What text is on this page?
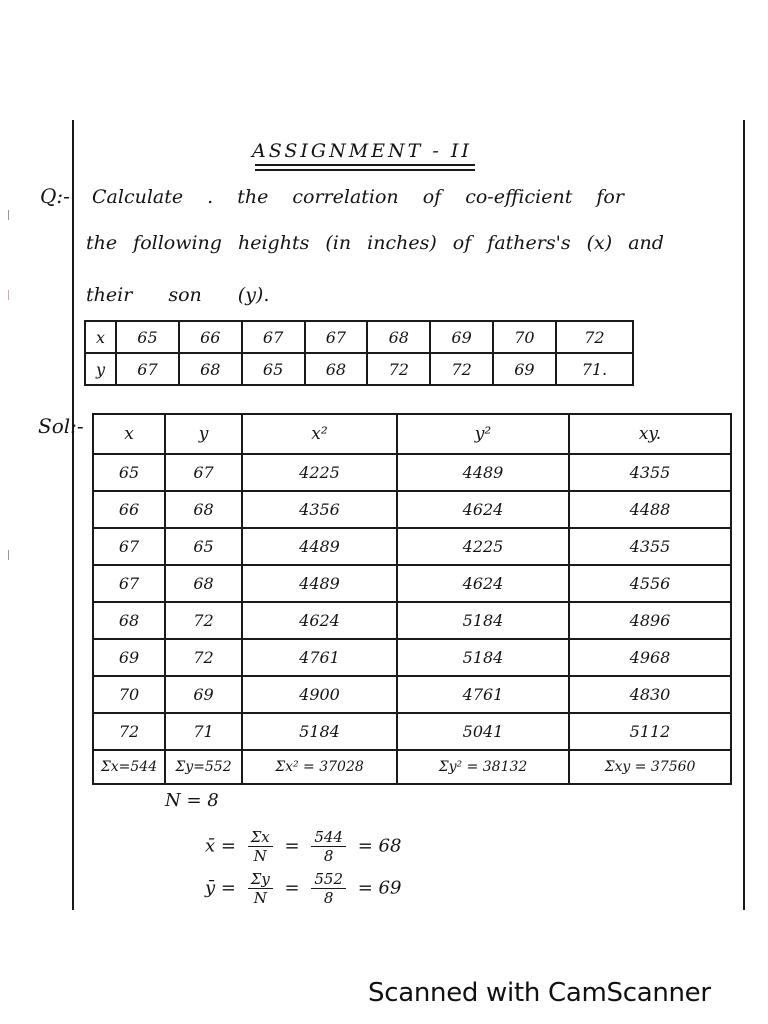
ASSIGNMENT - II
Q:- Calculate . the correlation of co-efficient for
the following heights (in inches) of fathers's (x) and
their son (y).
x	65	66	67	67	68	69	70	72
y	67	68	65	68	72	72	69	71.
Sol:- x	y	x²	y²	xy.
65	67	4225	4489	4355
66	68	4356	4624	4488
67	65	4489	4225	4355
67	68	4489	4624	4556
68	72	4624	5184	4896
69	72	4761	5184	4968
70	69	4900	4761	4830
72	71	5184	5041	5112
Σx=544	Σy=552	Σx² = 37028	Σy² = 38132	Σxy = 37560
N = 8
x̄ = $\frac{\Sigma x}{N} = \frac{544}{8} = 68$
ȳ = $\frac{\Sigma y}{N} = \frac{552}{8} = 69$
Scanned with CamScanner
